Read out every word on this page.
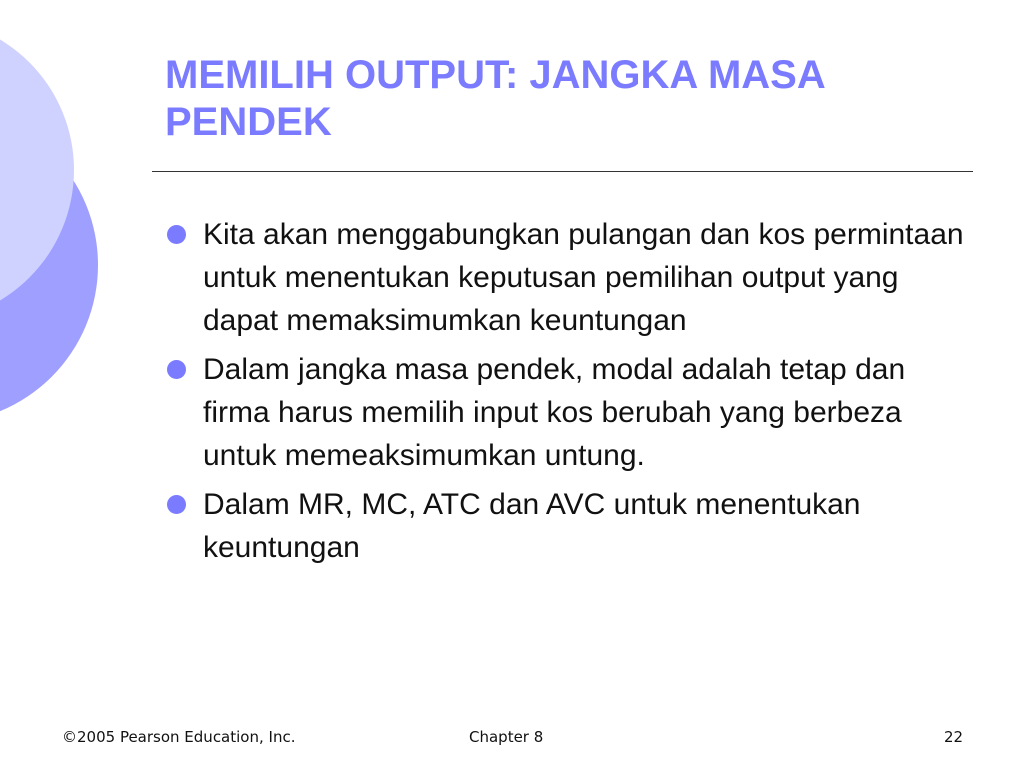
MEMILIH OUTPUT: JANGKA MASA PENDEK
Kita akan menggabungkan pulangan dan kos permintaan untuk menentukan keputusan pemilihan output yang dapat memaksimumkan keuntungan
Dalam jangka masa pendek, modal adalah tetap dan firma harus memilih input kos berubah yang berbeza untuk memeaksimumkan untung.
Dalam MR, MC, ATC dan AVC untuk menentukan keuntungan
©2005 Pearson Education, Inc.	Chapter 8	22
